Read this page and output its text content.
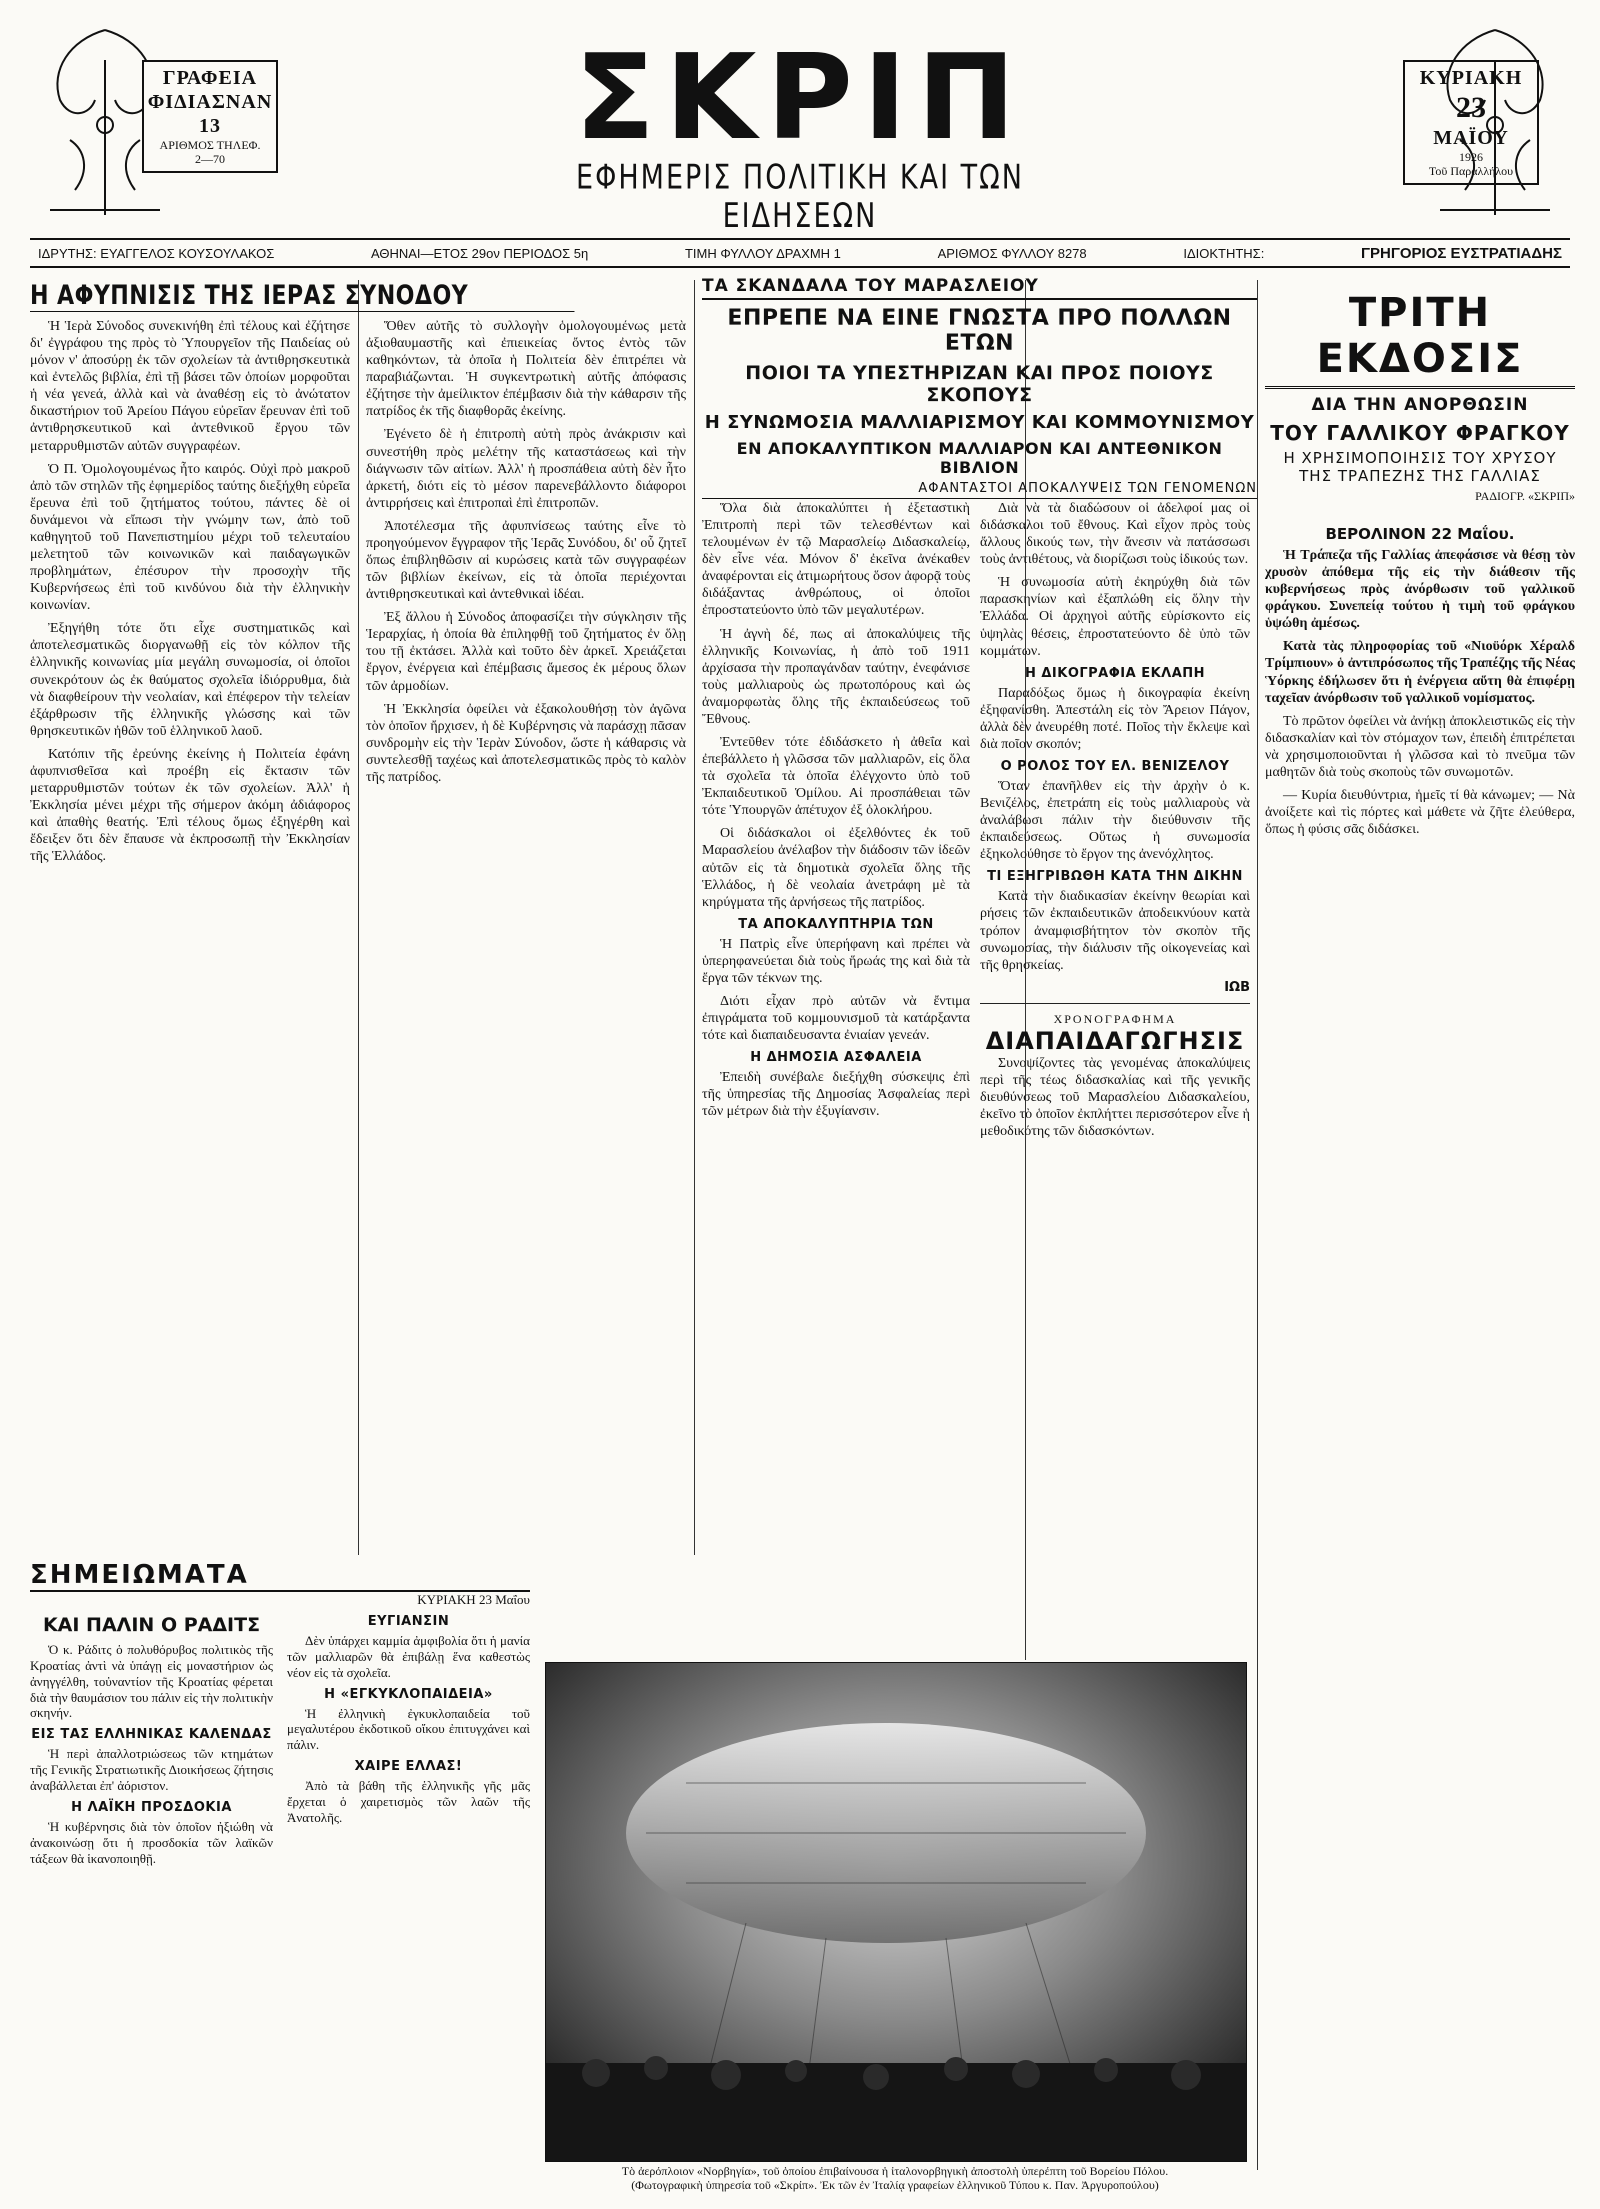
ΓΡΑΦΕΙΑ
ΦΙΔΙΑΣΝΑΝ 13
ΑΡΙΘΜΟΣ ΤΗΛΕΦ.
2—70	ΣΚΡΙΠ
ΕΦΗΜΕΡΙΣ ΠΟΛΙΤΙΚΗ ΚΑΙ ΤΩΝ ΕΙΔΗΣΕΩΝ
ΚΥΡΙΑΚΗ
23
ΜΑΪΟΥ
1926
Τοῦ Παραλλήλου
ΙΔΡΥΤΗΣ: ΕΥΑΓΓΕΛΟΣ ΚΟΥΣΟΥΛΑΚΟΣ	ΑΘΗΝΑΙ—ΕΤΟΣ 29ον ΠΕΡΙΟΔΟΣ 5η	ΤΙΜΗ ΦΥΛΛΟΥ ΔΡΑΧΜΗ 1	ΑΡΙΘΜΟΣ ΦΥΛΛΟΥ 8278	ΙΔΙΟΚΤΗΤΗΣ:	ΓΡΗΓΟΡΙΟΣ ΕΥΣΤΡΑΤΙΑΔΗΣ
Η ΑΦΥΠΝΙΣΙΣ ΤΗΣ ΙΕΡΑΣ ΣΥΝΟΔΟΥ

Ἡ Ἱερὰ Σύνοδος συνεκινήθη ἐπὶ τέλους καὶ ἐζήτησε δι' ἐγγράφου της πρὸς τὸ Ὑπουργεῖον τῆς Παιδείας οὐ μόνον ν' ἀποσύρῃ ἐκ τῶν σχολείων τὰ ἀντιθρησκευτικὰ καὶ ἐντελῶς βιβλία, ἐπὶ τῇ βάσει τῶν ὁποίων μορφοῦται ἡ νέα γενεά, ἀλλὰ καὶ νὰ ἀναθέσῃ εἰς τὸ ἀνώτατον δικαστήριον τοῦ Ἀρείου Πάγου εὐρεῖαν ἔρευναν ἐπὶ τοῦ ἀντιθρησκευτικοῦ καὶ ἀντεθνικοῦ ἔργου τῶν μεταρρυθμιστῶν αὐτῶν συγγραφέων.

Ὁ Π. Ὁμολογουμένως ἦτο καιρός. Οὐχὶ πρὸ μακροῦ ἀπὸ τῶν στηλῶν τῆς ἐφημερίδος ταύτης διεξήχθη εὐρεῖα ἔρευνα ἐπὶ τοῦ ζητήματος τούτου, πάντες δὲ οἱ δυνάμενοι νὰ εἴπωσι τὴν γνώμην των, ἀπὸ τοῦ καθηγητοῦ τοῦ Πανεπιστημίου μέχρι τοῦ τελευταίου μελετητοῦ τῶν κοινωνικῶν καὶ παιδαγωγικῶν προβλημάτων, ἐπέσυρον τὴν προσοχὴν τῆς Κυβερνήσεως ἐπὶ τοῦ κινδύνου διὰ τὴν ἑλληνικὴν κοινωνίαν.

Ἐξηγήθη τότε ὅτι εἶχε συστηματικῶς καὶ ἀποτελεσματικῶς διοργανωθῇ εἰς τὸν κόλπον τῆς ἑλληνικῆς κοινωνίας μία μεγάλη συνωμοσία, οἱ ὁποῖοι συνεκρότουν ὡς ἐκ θαύματος σχολεῖα ἰδιόρρυθμα, διὰ νὰ διαφθείρουν τὴν νεολαίαν, καὶ ἐπέφερον τὴν τελείαν ἐξάρθρωσιν τῆς ἑλληνικῆς γλώσσης καὶ τῶν θρησκευτικῶν ἠθῶν τοῦ ἑλληνικοῦ λαοῦ.

Κατόπιν τῆς ἐρεύνης ἐκείνης ἡ Πολιτεία ἐφάνη ἀφυπνισθεῖσα καὶ προέβη εἰς ἔκτασιν τῶν μεταρρυθμιστῶν τούτων ἐκ τῶν σχολείων. Ἀλλ' ἡ Ἐκκλησία μένει μέχρι τῆς σήμερον ἀκόμη ἀδιάφορος καὶ ἀπαθὴς θεατής. Ἐπὶ τέλους ὅμως ἐξηγέρθη καὶ ἔδειξεν ὅτι δὲν ἔπαυσε νὰ ἐκπροσωπῇ τὴν Ἐκκλησίαν τῆς Ἑλλάδος.

Ὅθεν αὐτῆς τὸ συλλογὴν ὁμολογουμένως μετὰ ἀξιοθαυμαστῆς καὶ ἐπιεικείας ὄντος ἐντὸς τῶν καθηκόντων, τὰ ὁποῖα ἡ Πολιτεία δὲν ἐπιτρέπει νὰ παραβιάζωνται. Ἡ συγκεντρωτικὴ αὐτῆς ἀπόφασις ἐζήτησε τὴν ἀμείλικτον ἐπέμβασιν διὰ τὴν κάθαρσιν τῆς πατρίδος ἐκ τῆς διαφθορᾶς ἐκείνης.

Ἐγένετο δὲ ἡ ἐπιτροπὴ αὐτὴ πρὸς ἀνάκρισιν καὶ συνεστήθη πρὸς μελέτην τῆς καταστάσεως καὶ τὴν διάγνωσιν τῶν αἰτίων. Ἀλλ' ἡ προσπάθεια αὐτὴ δὲν ἦτο ἀρκετή, διότι εἰς τὸ μέσον παρενεβάλλοντο διάφοροι ἀντιρρήσεις καὶ ἐπιτροπαὶ ἐπὶ ἐπιτροπῶν.

Ἀποτέλεσμα τῆς ἀφυπνίσεως ταύτης εἶνε τὸ προηγούμενον ἔγγραφον τῆς Ἱερᾶς Συνόδου, δι' οὗ ζητεῖ ὅπως ἐπιβληθῶσιν αἱ κυρώσεις κατὰ τῶν συγγραφέων τῶν βιβλίων ἐκείνων, εἰς τὰ ὁποῖα περιέχονται ἀντιθρησκευτικαὶ καὶ ἀντεθνικαὶ ἰδέαι.

Ἐξ ἄλλου ἡ Σύνοδος ἀποφασίζει τὴν σύγκλησιν τῆς Ἱεραρχίας, ἡ ὁποία θὰ ἐπιληφθῇ τοῦ ζητήματος ἐν ὅλῃ του τῇ ἐκτάσει. Ἀλλὰ καὶ τοῦτο δὲν ἀρκεῖ. Χρειάζεται ἔργον, ἐνέργεια καὶ ἐπέμβασις ἄμεσος ἐκ μέρους ὅλων τῶν ἀρμοδίων.

Ἡ Ἐκκλησία ὀφείλει νὰ ἐξακολουθήσῃ τὸν ἀγῶνα τὸν ὁποῖον ἤρχισεν, ἡ δὲ Κυβέρνησις νὰ παράσχῃ πᾶσαν συνδρομὴν εἰς τὴν Ἱερὰν Σύνοδον, ὥστε ἡ κάθαρσις νὰ συντελεσθῇ ταχέως καὶ ἀποτελεσματικῶς πρὸς τὸ καλὸν τῆς πατρίδος.

ΤΑ ΣΚΑΝΔΑΛΑ ΤΟΥ ΜΑΡΑΣΛΕΙΟΥ
ΕΠΡΕΠΕ ΝΑ ΕΙΝΕ ΓΝΩΣΤΑ ΠΡΟ ΠΟΛΛΩΝ ΕΤΩΝ
ΠΟΙΟΙ ΤΑ ΥΠΕΣΤΗΡΙΖΑΝ ΚΑΙ ΠΡΟΣ ΠΟΙΟΥΣ ΣΚΟΠΟΥΣ
Η ΣΥΝΩΜΟΣΙΑ ΜΑΛΛΙΑΡΙΣΜΟΥ ΚΑΙ ΚΟΜΜΟΥΝΙΣΜΟΥ
ΕΝ ΑΠΟΚΑΛΥΠΤΙΚΟΝ ΜΑΛΛΙΑΡΟΝ ΚΑΙ ΑΝΤΕΘΝΙΚΟΝ ΒΙΒΛΙΟΝ
ΑΦΑΝΤΑΣΤΟΙ ΑΠΟΚΑΛΥΨΕΙΣ ΤΩΝ ΓΕΝΟΜΕΝΩΝ

Ὅλα διὰ ἀποκαλύπτει ἡ ἐξεταστικὴ Ἐπιτροπὴ περὶ τῶν τελεσθέντων καὶ τελουμένων ἐν τῷ Μαρασλείῳ Διδασκαλείῳ, δὲν εἶνε νέα. Μόνον δ' ἐκεῖνα ἀνέκαθεν ἀναφέρονται εἰς ἀτιμωρήτους ὅσον ἀφορᾷ τοὺς διδάξαντας ἀνθρώπους, οἱ ὁποῖοι ἐπροστατεύοντο ὑπὸ τῶν μεγαλυτέρων.

Ἡ ἀγνὴ δέ, πως αἱ ἀποκαλύψεις τῆς ἑλληνικῆς Κοινωνίας, ἡ ἀπὸ τοῦ 1911 ἀρχίσασα τὴν προπαγάνδαν ταύτην, ἐνεφάνισε τοὺς μαλλιαροὺς ὡς πρωτοπόρους καὶ ὡς ἀναμορφωτὰς ὅλης τῆς ἐκπαιδεύσεως τοῦ Ἔθνους.

Ἐντεῦθεν τότε ἐδιδάσκετο ἡ ἀθεΐα καὶ ἐπεβάλλετο ἡ γλῶσσα τῶν μαλλιαρῶν, εἰς ὅλα τὰ σχολεῖα τὰ ὁποῖα ἐλέγχοντο ὑπὸ τοῦ Ἐκπαιδευτικοῦ Ὁμίλου. Αἱ προσπάθειαι τῶν τότε Ὑπουργῶν ἀπέτυχον ἐξ ὁλοκλήρου.

Οἱ διδάσκαλοι οἱ ἐξελθόντες ἐκ τοῦ Μαρασλείου ἀνέλαβον τὴν διάδοσιν τῶν ἰδεῶν αὐτῶν εἰς τὰ δημοτικὰ σχολεῖα ὅλης τῆς Ἑλλάδος, ἡ δὲ νεολαία ἀνετράφη μὲ τὰ κηρύγματα τῆς ἀρνήσεως τῆς πατρίδος.

ΤΑ ΑΠΟΚΑΛΥΠΤΗΡΙΑ ΤΩΝ

Ἡ Πατρὶς εἶνε ὑπερήφανη καὶ πρέπει νὰ ὑπερηφανεύεται διὰ τοὺς ἥρωάς της καὶ διὰ τὰ ἔργα τῶν τέκνων της.

Διότι εἶχαν πρὸ αὐτῶν νὰ ἔντιμα ἐπιγράματα τοῦ κομμουνισμοῦ τὰ κατάρξαντα τότε καὶ διαπαιδευσαντα ἐνιαίαν γενεάν.

Η ΔΗΜΟΣΙΑ ΑΣΦΑΛΕΙΑ

Ἐπειδὴ συνέβαλε διεξήχθη σύσκεψις ἐπὶ τῆς ὑπηρεσίας τῆς Δημοσίας Ἀσφαλείας περὶ τῶν μέτρων διὰ τὴν ἐξυγίανσιν.

Διὰ νὰ τὰ διαδώσουν οἱ ἀδελφοί μας οἱ διδάσκαλοι τοῦ ἔθνους. Καὶ εἶχον πρὸς τοὺς ἄλλους δικούς των, τὴν ἄνεσιν νὰ πατάσσωσι τοὺς ἀντιθέτους, νὰ διορίζωσι τοὺς ἰδικούς των.

Ἡ συνωμοσία αὐτὴ ἐκηρύχθη διὰ τῶν παρασκηνίων καὶ ἐξαπλώθη εἰς ὅλην τὴν Ἑλλάδα. Οἱ ἀρχηγοὶ αὐτῆς εὑρίσκοντο εἰς ὑψηλὰς θέσεις, ἐπροστατεύοντο δὲ ὑπὸ τῶν κομμάτων.

Η ΔΙΚΟΓΡΑΦΙΑ ΕΚΛΑΠΗ

Παραδόξως ὅμως ἡ δικογραφία ἐκείνη ἐξηφανίσθη. Ἀπεστάλη εἰς τὸν Ἄρειον Πάγον, ἀλλὰ δὲν ἀνευρέθη ποτέ. Ποῖος τὴν ἔκλεψε καὶ διὰ ποῖον σκοπόν;

Ο ΡΟΛΟΣ ΤΟΥ ΕΛ. ΒΕΝΙΖΕΛΟΥ

Ὅταν ἐπανῆλθεν εἰς τὴν ἀρχὴν ὁ κ. Βενιζέλος, ἐπετράπη εἰς τοὺς μαλλιαροὺς νὰ ἀναλάβωσι πάλιν τὴν διεύθυνσιν τῆς ἐκπαιδεύσεως. Οὕτως ἡ συνωμοσία ἐξηκολούθησε τὸ ἔργον της ἀνενόχλητος.

ΤΙ ΕΞΗΓΡΙΒΩΘΗ ΚΑΤΑ ΤΗΝ ΔΙΚΗΝ

Κατὰ τὴν διαδικασίαν ἐκείνην θεωρίαι καὶ ρήσεις τῶν ἐκπαιδευτικῶν ἀποδεικνύουν κατὰ τρόπον ἀναμφισβήτητον τὸν σκοπὸν τῆς συνωμοσίας, τὴν διάλυσιν τῆς οἰκογενείας καὶ τῆς θρησκείας.

ΙΩΒ
ΧΡΟΝΟΓΡΑΦΗΜΑ
ΔΙΑΠΑΙΔΑΓΩΓΗΣΙΣ

Συνοψίζοντες τὰς γενομένας ἀποκαλύψεις περὶ τῆς τέως διδασκαλίας καὶ τῆς γενικῆς διευθύνσεως τοῦ Μαρασλείου Διδασκαλείου, ἐκεῖνο τὸ ὁποῖον ἐκπλήττει περισσότερον εἶνε ἡ μεθοδικότης τῶν διδασκόντων.

ΤΡΙΤΗ ΕΚΔΟΣΙΣ
ΔΙΑ ΤΗΝ ΑΝΟΡΘΩΣΙΝ
ΤΟΥ ΓΑΛΛΙΚΟΥ ΦΡΑΓΚΟΥ
Η ΧΡΗΣΙΜΟΠΟΙΗΣΙΣ ΤΟΥ ΧΡΥΣΟΥ ΤΗΣ ΤΡΑΠΕΖΗΣ ΤΗΣ ΓΑΛΛΙΑΣ
ΡΑΔΙΟΓΡ. «ΣΚΡΙΠ»
ΒΕΡΟΛΙΝΟΝ 22 Μαΐου.

Ἡ Τράπεζα τῆς Γαλλίας ἀπεφάσισε νὰ θέσῃ τὸν χρυσὸν ἀπόθεμα τῆς εἰς τὴν διάθεσιν τῆς κυβερνήσεως πρὸς ἀνόρθωσιν τοῦ γαλλικοῦ φράγκου. Συνεπείᾳ τούτου ἡ τιμὴ τοῦ φράγκου ὑψώθη ἀμέσως.

Κατὰ τὰς πληροφορίας τοῦ «Νιοϋόρκ Χέραλδ Τρίμπιουν» ὁ ἀντιπρόσωπος τῆς Τραπέζης τῆς Νέας Ὑόρκης ἐδήλωσεν ὅτι ἡ ἐνέργεια αὕτη θὰ ἐπιφέρῃ ταχεῖαν ἀνόρθωσιν τοῦ γαλλικοῦ νομίσματος.

Τὸ πρῶτον ὀφείλει νὰ ἀνήκῃ ἀποκλειστικῶς εἰς τὴν διδασκαλίαν καὶ τὸν στόμαχον των, ἐπειδὴ ἐπιτρέπεται νὰ χρησιμοποιοῦνται ἡ γλῶσσα καὶ τὸ πνεῦμα τῶν μαθητῶν διὰ τοὺς σκοποὺς τῶν συνωμοτῶν.

— Κυρία διευθύντρια, ἡμεῖς τί θὰ κάνωμεν; — Νὰ ἀνοίξετε καὶ τὶς πόρτες καὶ μάθετε νὰ ζῆτε ἐλεύθερα, ὅπως ἡ φύσις σᾶς διδάσκει.

ΣΗΜΕΙΩΜΑΤΑ
ΚΥΡΙΑΚΗ 23 Μαΐου
ΚΑΙ ΠΑΛΙΝ Ο ΡΑΔΙΤΣ

Ὁ κ. Ράδιτς ὁ πολυθόρυβος πολιτικὸς τῆς Κροατίας ἀντὶ νὰ ὑπάγῃ εἰς μοναστήριον ὡς ἀνηγγέλθη, τοὐναντίον τῆς Κροατίας φέρεται διὰ τὴν θαυμάσιον του πάλιν εἰς τὴν πολιτικὴν σκηνήν.

ΕΙΣ ΤΑΣ ΕΛΛΗΝΙΚΑΣ ΚΑΛΕΝΔΑΣ

Ἡ περὶ ἀπαλλοτριώσεως τῶν κτημάτων τῆς Γενικῆς Στρατιωτικῆς Διοικήσεως ζήτησις ἀναβάλλεται ἐπ' ἀόριστον.

Η ΛΑΪΚΗ ΠΡΟΣΔΟΚΙΑ

Ἡ κυβέρνησις διὰ τὸν ὁποῖον ἠξιώθη νὰ ἀνακοινώσῃ ὅτι ἡ προσδοκία τῶν λαϊκῶν τάξεων θὰ ἱκανοποιηθῇ.

ΕΥΓΙΑΝΣΙΝ

Δὲν ὑπάρχει καμμία ἀμφιβολία ὅτι ἡ μανία τῶν μαλλιαρῶν θὰ ἐπιβάλῃ ἕνα καθεστὼς νέον εἰς τὰ σχολεῖα.

Η «ΕΓΚΥΚΛΟΠΑΙΔΕΙΑ»

Ἡ ἐλληνικὴ ἐγκυκλοπαιδεία τοῦ μεγαλυτέρου ἐκδοτικοῦ οἴκου ἐπιτυγχάνει καὶ πάλιν.

ΧΑΙΡΕ ΕΛΛΑΣ!

Ἀπὸ τὰ βάθη τῆς ἑλληνικῆς γῆς μᾶς ἔρχεται ὁ χαιρετισμὸς τῶν λαῶν τῆς Ἀνατολῆς.

Τὸ ἀερόπλοιον «Νορβηγία», τοῦ ὁποίου ἐπιβαίνουσα ἡ ἰταλονορβηγικὴ ἀποστολὴ ὑπερέπτη τοῦ Βορείου Πόλου.
(Φωτογραφικὴ ὑπηρεσία τοῦ «Σκρίπ». Ἐκ τῶν ἐν Ἰταλίᾳ γραφείων ἑλληνικοῦ Τύπου κ. Παν. Ἀργυροπούλου)
